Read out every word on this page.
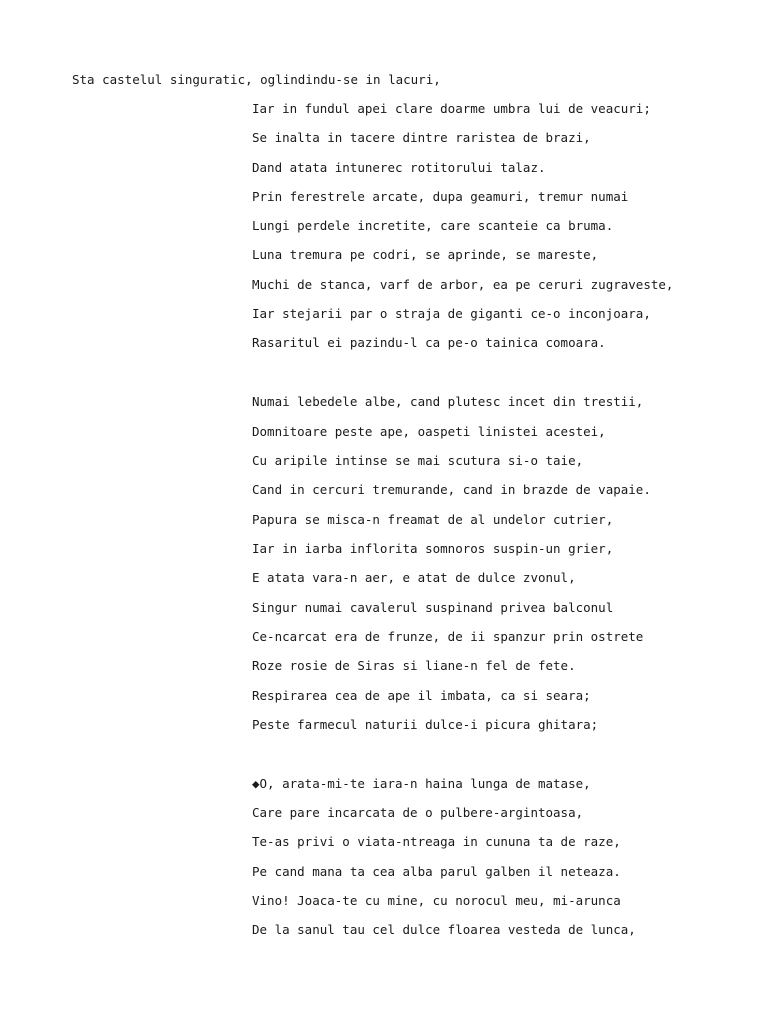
Sta castelul singuratic, oglindindu-se in lacuri,
Iar in fundul apei clare doarme umbra lui de veacuri;
Se inalta in tacere dintre raristea de brazi,
Dand atata intunerec rotitorului talaz.
Prin ferestrele arcate, dupa geamuri, tremur numai
Lungi perdele incretite, care scanteie ca bruma.
Luna tremura pe codri, se aprinde, se mareste,
Muchi de stanca, varf de arbor, ea pe ceruri zugraveste,
Iar stejarii par o straja de giganti ce-o inconjoara,
Rasaritul ei pazindu-l ca pe-o tainica comoara.
Numai lebedele albe, cand plutesc incet din trestii,
Domnitoare peste ape, oaspeti linistei acestei,
Cu aripile intinse se mai scutura si-o taie,
Cand in cercuri tremurande, cand in brazde de vapaie.
Papura se misca-n freamat de al undelor cutrier,
Iar in iarba inflorita somnoros suspin-un grier,
E atata vara-n aer, e atat de dulce zvonul,
Singur numai cavalerul suspinand privea balconul
Ce-ncarcat era de frunze, de ii spanzur prin ostrete
Roze rosie de Siras si liane-n fel de fete.
Respirarea cea de ape il imbata, ca si seara;
Peste farmecul naturii dulce-i picura ghitara;
◆O, arata-mi-te iara-n haina lunga de matase,
Care pare incarcata de o pulbere-argintoasa,
Te-as privi o viata-ntreaga in cununa ta de raze,
Pe cand mana ta cea alba parul galben il neteaza.
Vino! Joaca-te cu mine, cu norocul meu, mi-arunca
De la sanul tau cel dulce floarea vesteda de lunca,
